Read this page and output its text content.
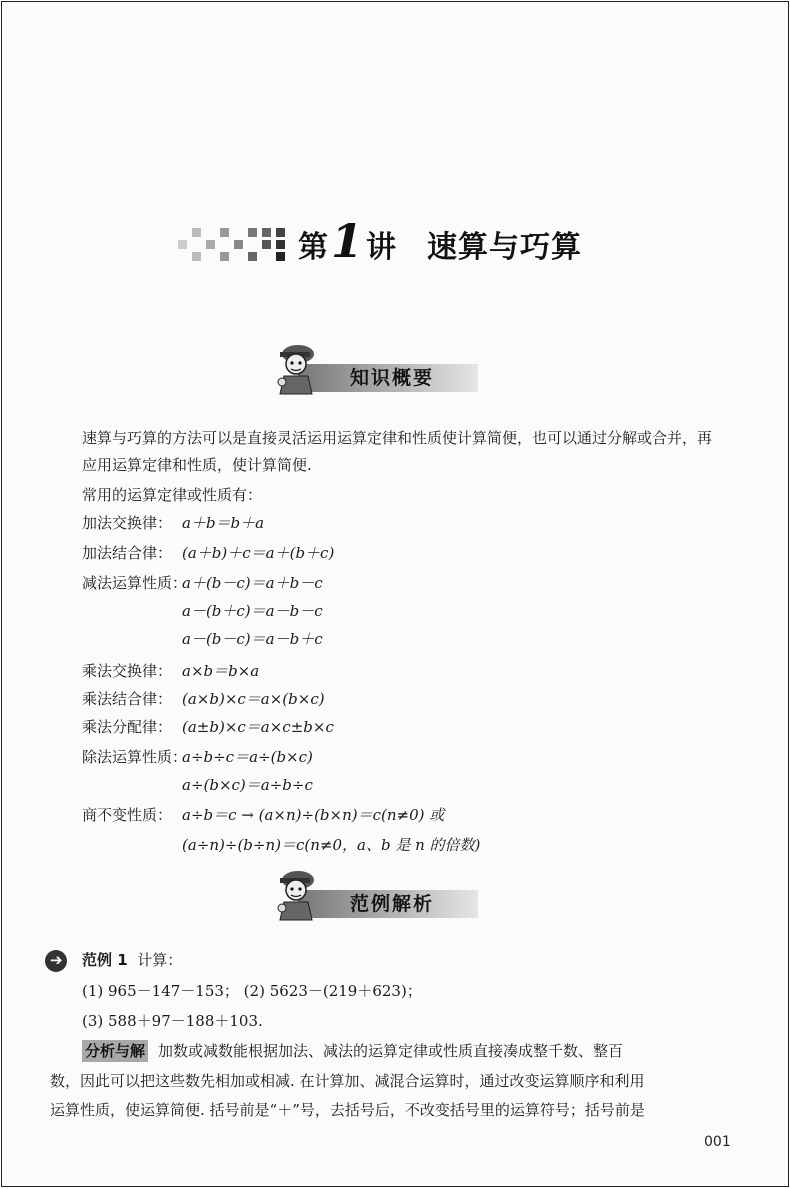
第 1 讲 速算与巧算
知识概要
速算与巧算的方法可以是直接灵活运用运算定律和性质使计算简便，也可以通过分解或合并，再应用运算定律和性质，使计算简便.
常用的运算定律或性质有：
加法交换律： a＋b＝b＋a
加法结合律： (a＋b)＋c＝a＋(b＋c)
减法运算性质：a＋(b－c)＝a＋b－c
a－(b＋c)＝a－b－c
a－(b－c)＝a－b＋c
乘法交换律： a×b＝b×a
乘法结合律： (a×b)×c＝a×(b×c)
乘法分配律： (a±b)×c＝a×c±b×c
除法运算性质：a÷b÷c＝a÷(b×c)
a÷(b×c)＝a÷b÷c
商不变性质： a÷b＝c → (a×n)÷(b×n)＝c(n≠0) 或
(a÷n)÷(b÷n)＝c(n≠0，a、b 是 n 的倍数)
范例解析
➔ 范例 1 计算：
(1) 965－147－153； (2) 5623－(219＋623)；
(3) 588＋97－188＋103.
分析与解 加数或减数能根据加法、减法的运算定律或性质直接凑成整千数、整百
数，因此可以把这些数先相加或相减. 在计算加、减混合运算时，通过改变运算顺序和利用
运算性质，使运算简便. 括号前是“＋”号，去括号后，不改变括号里的运算符号；括号前是
001
